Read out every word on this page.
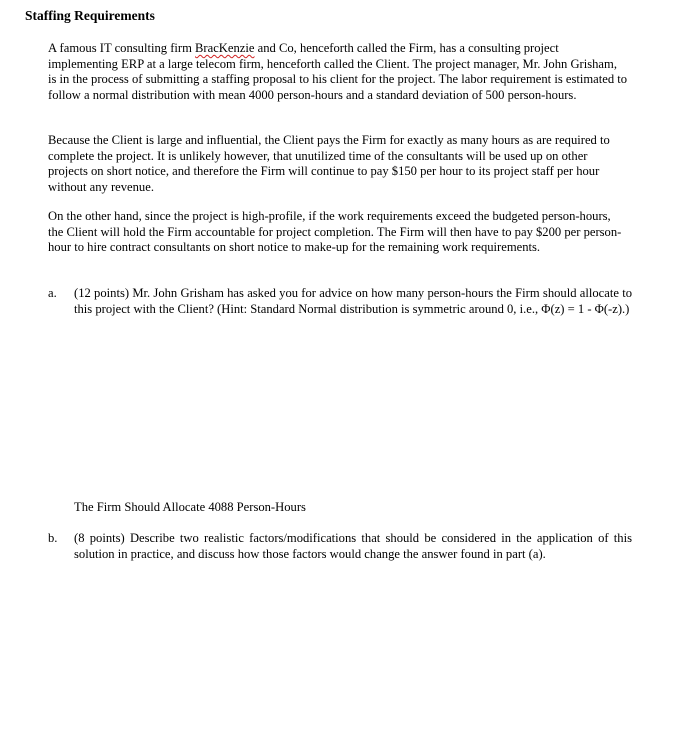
Staffing Requirements
A famous IT consulting firm BracKenzie and Co, henceforth called the Firm, has a consulting project implementing ERP at a large telecom firm, henceforth called the Client. The project manager, Mr. John Grisham, is in the process of submitting a staffing proposal to his client for the project. The labor requirement is estimated to follow a normal distribution with mean 4000 person-hours and a standard deviation of 500 person-hours.
Because the Client is large and influential, the Client pays the Firm for exactly as many hours as are required to complete the project. It is unlikely however, that unutilized time of the consultants will be used up on other projects on short notice, and therefore the Firm will continue to pay $150 per hour to its project staff per hour without any revenue.
On the other hand, since the project is high-profile, if the work requirements exceed the budgeted person-hours, the Client will hold the Firm accountable for project completion. The Firm will then have to pay $200 per person-hour to hire contract consultants on short notice to make-up for the remaining work requirements.
a.	(12 points) Mr. John Grisham has asked you for advice on how many person-hours the Firm should allocate to this project with the Client? (Hint: Standard Normal distribution is symmetric around 0, i.e., Φ(z) = 1 - Φ(-z).)
The Firm Should Allocate 4088 Person-Hours
b.	(8 points) Describe two realistic factors/modifications that should be considered in the application of this solution in practice, and discuss how those factors would change the answer found in part (a).
